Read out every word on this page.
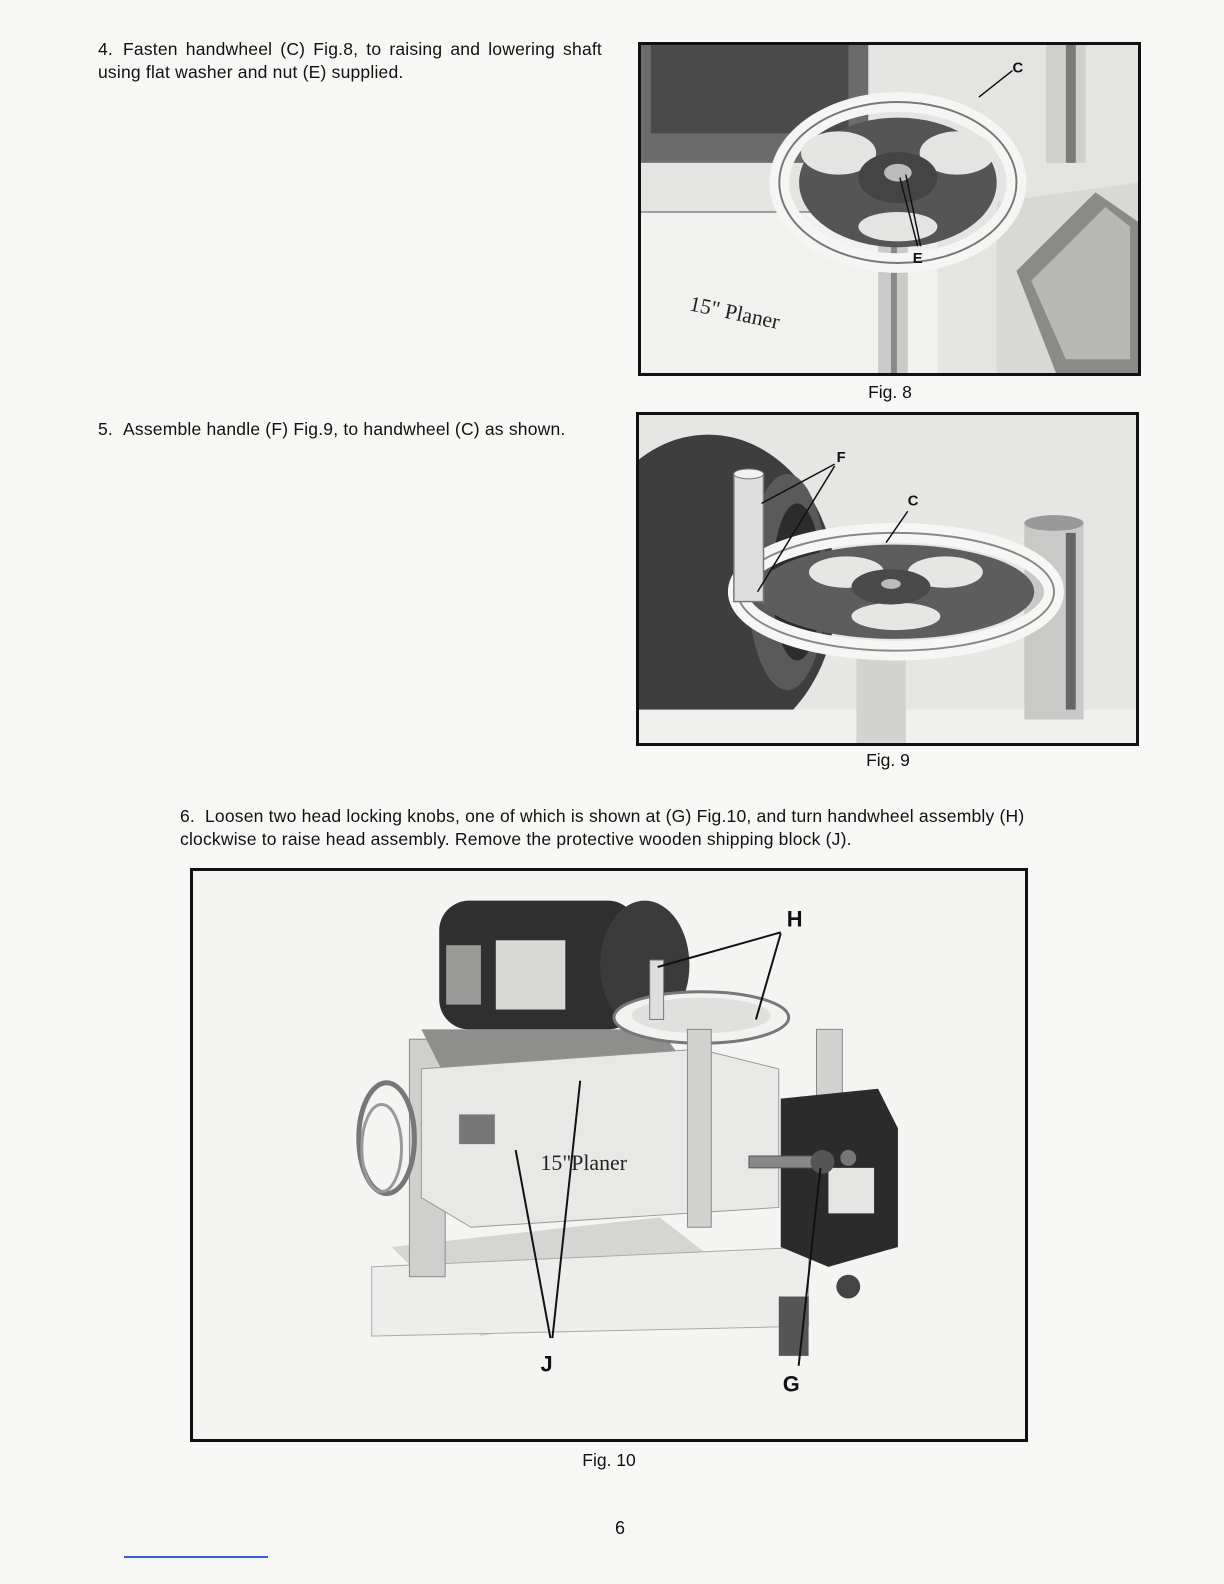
4. Fasten handwheel (C) Fig.8, to raising and lowering shaft using flat washer and nut (E) supplied.
15" Planer
C
E
Fig. 8
5. Assemble handle (F) Fig.9, to handwheel (C) as shown.
F
C
Fig. 9
6. Loosen two head locking knobs, one of which is shown at (G) Fig.10, and turn handwheel assembly (H) clockwise to raise head assembly. Remove the protective wooden shipping block (J).
15"Planer
H
J
G
Fig. 10
6
